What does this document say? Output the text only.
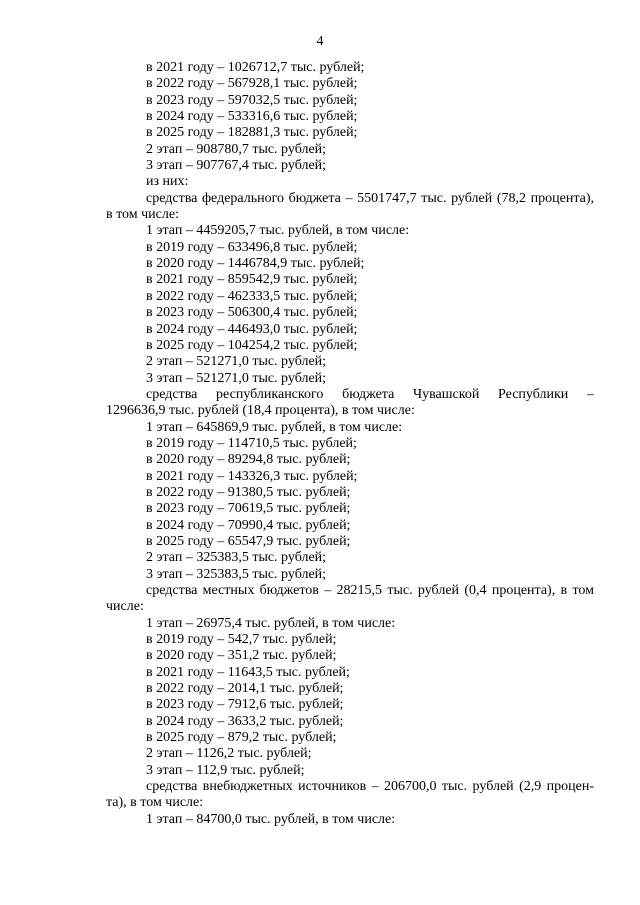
4
в 2021 году – 1026712,7 тыс. рублей;
в 2022 году – 567928,1 тыс. рублей;
в 2023 году – 597032,5 тыс. рублей;
в 2024 году – 533316,6 тыс. рублей;
в 2025 году – 182881,3 тыс. рублей;
2 этап – 908780,7 тыс. рублей;
3 этап – 907767,4 тыс. рублей;
из них:
средства федерального бюджета – 5501747,7 тыс. рублей (78,2 процента),
в том числе:
1 этап – 4459205,7 тыс. рублей, в том числе:
в 2019 году – 633496,8 тыс. рублей;
в 2020 году – 1446784,9 тыс. рублей;
в 2021 году – 859542,9 тыс. рублей;
в 2022 году – 462333,5 тыс. рублей;
в 2023 году – 506300,4 тыс. рублей;
в 2024 году – 446493,0 тыс. рублей;
в 2025 году – 104254,2 тыс. рублей;
2 этап – 521271,0 тыс. рублей;
3 этап – 521271,0 тыс. рублей;
средства республиканского бюджета Чувашской Республики –
1296636,9 тыс. рублей (18,4 процента), в том числе:
1 этап – 645869,9 тыс. рублей, в том числе:
в 2019 году – 114710,5 тыс. рублей;
в 2020 году – 89294,8 тыс. рублей;
в 2021 году – 143326,3 тыс. рублей;
в 2022 году – 91380,5 тыс. рублей;
в 2023 году – 70619,5 тыс. рублей;
в 2024 году – 70990,4 тыс. рублей;
в 2025 году – 65547,9 тыс. рублей;
2 этап – 325383,5 тыс. рублей;
3 этап – 325383,5 тыс. рублей;
средства местных бюджетов – 28215,5 тыс. рублей (0,4 процента), в том
числе:
1 этап – 26975,4 тыс. рублей, в том числе:
в 2019 году – 542,7 тыс. рублей;
в 2020 году – 351,2 тыс. рублей;
в 2021 году – 11643,5 тыс. рублей;
в 2022 году – 2014,1 тыс. рублей;
в 2023 году – 7912,6 тыс. рублей;
в 2024 году – 3633,2 тыс. рублей;
в 2025 году – 879,2 тыс. рублей;
2 этап – 1126,2 тыс. рублей;
3 этап – 112,9 тыс. рублей;
средства внебюджетных источников – 206700,0 тыс. рублей (2,9 процен-
та), в том числе:
1 этап – 84700,0 тыс. рублей, в том числе:
